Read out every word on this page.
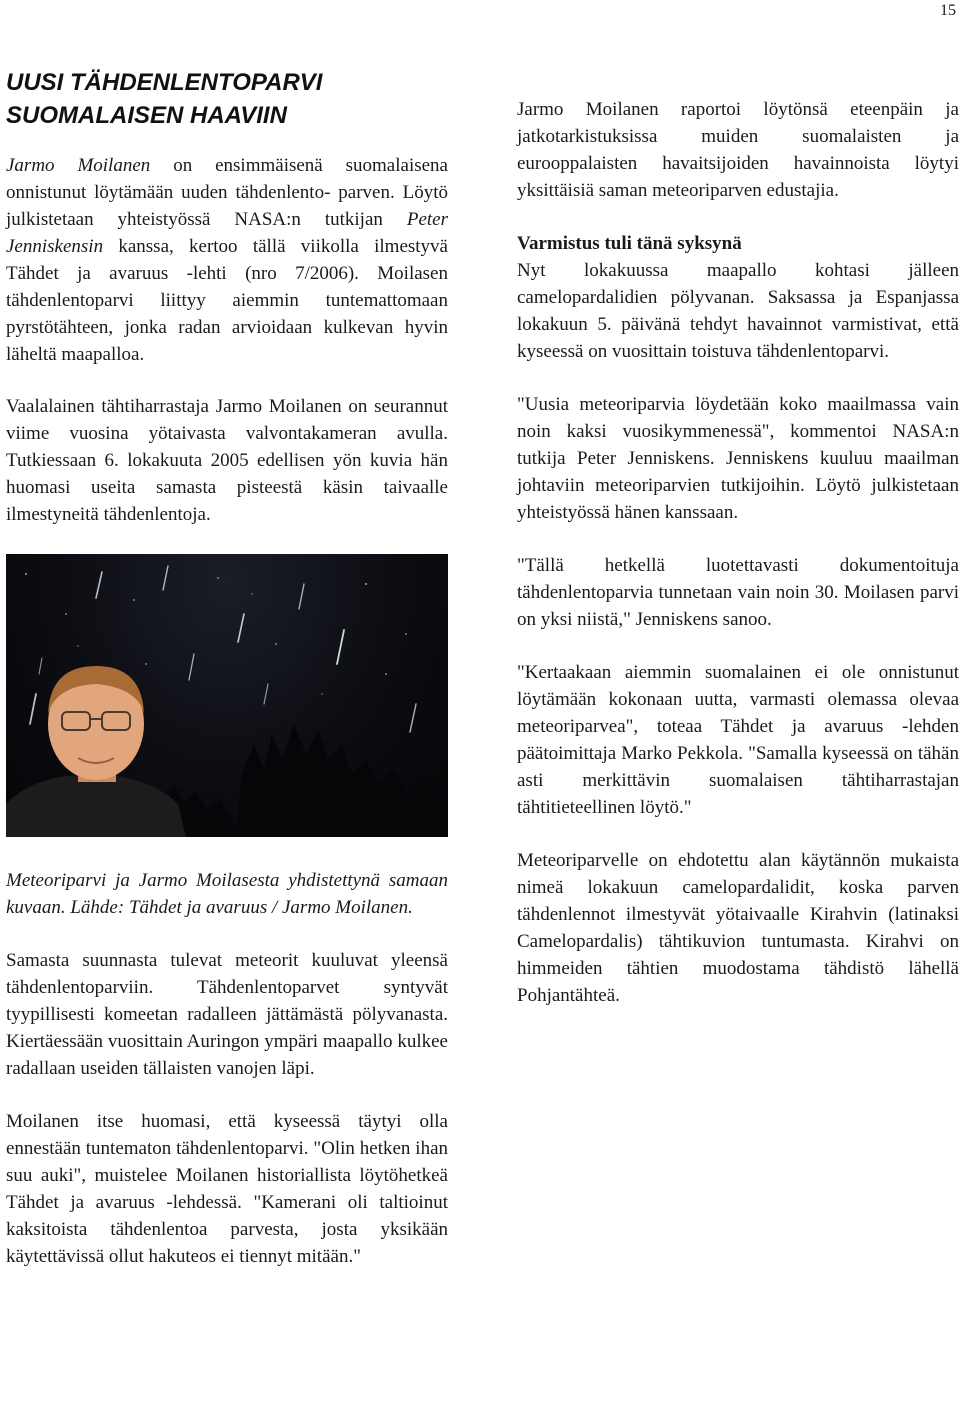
15
UUSI TÄHDENLENTOPARVI
SUOMALAISEN HAAVIIN

Jarmo Moilanen on ensimmäisenä suomalaisena onnistunut löytämään uuden tähdenlento- parven. Löytö julkistetaan yhteistyössä NASA:n tutkijan Peter Jenniskensin kanssa, kertoo tällä viikolla ilmestyvä Tähdet ja avaruus -lehti (nro 7/2006). Moilasen tähdenlentoparvi liittyy aiemmin tuntemattomaan pyrstötähteen, jonka radan arvioidaan kulkevan hyvin läheltä maapalloa.

Vaalalainen tähtiharrastaja Jarmo Moilanen on seurannut viime vuosina yötaivasta valvontakameran avulla. Tutkiessaan 6. lokakuuta 2005 edellisen yön kuvia hän huomasi useita samasta pisteestä käsin taivaalle ilmestyneitä tähdenlentoja.

Meteoriparvi ja Jarmo Moilasesta yhdistettynä samaan kuvaan. Lähde: Tähdet ja avaruus / Jarmo Moilanen.

Samasta suunnasta tulevat meteorit kuuluvat yleensä tähdenlentoparviin. Tähdenlentoparvet syntyvät tyypillisesti komeetan radalleen jättämästä pölyvanasta. Kiertäessään vuosittain Auringon ympäri maapallo kulkee radallaan useiden tällaisten vanojen läpi.

Moilanen itse huomasi, että kyseessä täytyi olla ennestään tuntematon tähdenlentoparvi. "Olin hetken ihan suu auki", muistelee Moilanen historiallista löytöhetkeä Tähdet ja avaruus -lehdessä. "Kamerani oli taltioinut kaksitoista tähdenlentoa parvesta, josta yksikään käytettävissä ollut hakuteos ei tiennyt mitään."

Jarmo Moilanen raportoi löytönsä eteenpäin ja jatkotarkistuksissa muiden suomalaisten ja eurooppalaisten havaitsijoiden havainnoista löytyi yksittäisiä saman meteoriparven edustajia.

Varmistus tuli tänä syksynä

Nyt lokakuussa maapallo kohtasi jälleen camelopardalidien pölyvanan. Saksassa ja Espanjassa lokakuun 5. päivänä tehdyt havainnot varmistivat, että kyseessä on vuosittain toistuva tähdenlentoparvi.

"Uusia meteoriparvia löydetään koko maailmassa vain noin kaksi vuosikymmenessä", kommentoi NASA:n tutkija Peter Jenniskens. Jenniskens kuuluu maailman johtaviin meteoriparvien tutkijoihin. Löytö julkistetaan yhteistyössä hänen kanssaan.

"Tällä hetkellä luotettavasti dokumentoituja tähdenlentoparvia tunnetaan vain noin 30. Moilasen parvi on yksi niistä," Jenniskens sanoo.

"Kertaakaan aiemmin suomalainen ei ole onnistunut löytämään kokonaan uutta, varmasti olemassa olevaa meteoriparvea", toteaa Tähdet ja avaruus -lehden päätoimittaja Marko Pekkola. "Samalla kyseessä on tähän asti merkittävin suomalaisen tähtiharrastajan tähtitieteellinen löytö."

Meteoriparvelle on ehdotettu alan käytännön mukaista nimeä lokakuun camelopardalidit, koska parven tähdenlennot ilmestyvät yötaivaalle Kirahvin (latinaksi Camelopardalis) tähtikuvion tuntumasta. Kirahvi on himmeiden tähtien muodostama tähdistö lähellä Pohjantähteä.
